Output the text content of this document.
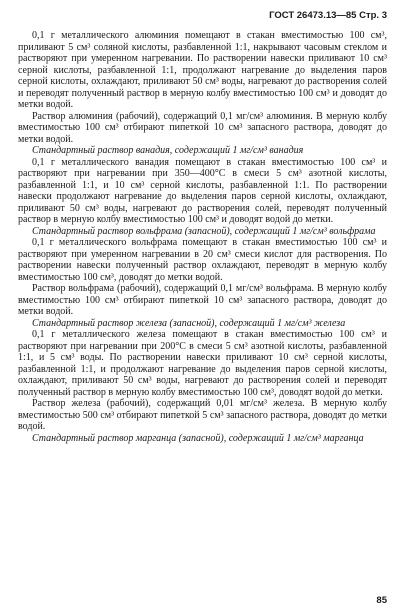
ГОСТ 26473.13—85 Стр. 3

0,1 г металлического алюминия помещают в стакан вместимостью 100 см³, приливают 5 см³ соляной кислоты, разбавленной 1:1, накрывают часовым стеклом и растворяют при умеренном нагревании. По растворении навески приливают 10 см³ серной кислоты, разбавленной 1:1, продолжают нагревание до выделения паров серной кислоты, охлаждают, приливают 50 см³ воды, нагревают до растворения солей и переводят полученный раствор в мерную колбу вместимостью 100 см³ и доводят до метки водой.

Раствор алюминия (рабочий), содержащий 0,1 мг/см³ алюминия. В мерную колбу вместимостью 100 см³ отбирают пипеткой 10 см³ запасного раствора, доводят до метки водой.

Стандартный раствор ванадия, содержащий 1 мг/см³ ванадия

0,1 г металлического ванадия помещают в стакан вместимостью 100 см³ и растворяют при нагревании при 350—400°С в смеси 5 см³ азотной кислоты, разбавленной 1:1, и 10 см³ серной кислоты, разбавленной 1:1. По растворении навески продолжают нагревание до выделения паров серной кислоты, охлаждают, приливают 50 см³ воды, нагревают до растворения солей, переводят полученный раствор в мерную колбу вместимостью 100 см³ и доводят водой до метки.

Стандартный раствор вольфрама (запасной), содержащий 1 мг/см³ вольфрама

0,1 г металлического вольфрама помещают в стакан вместимостью 100 см³ и растворяют при умеренном нагревании в 20 см³ смеси кислот для растворения. По растворении навески полученный раствор охлаждают, переводят в мерную колбу вместимостью 100 см³, доводят до метки водой.

Раствор вольфрама (рабочий), содержащий 0,1 мг/см³ вольфрама. В мерную колбу вместимостью 100 см³ отбирают пипеткой 10 см³ запасного раствора, доводят до метки водой.

Стандартный раствор железа (запасной), содержащий 1 мг/см³ железа

0,1 г металлического железа помещают в стакан вместимостью 100 см³ и растворяют при нагревании при 200°С в смеси 5 см³ азотной кислоты, разбавленной 1:1, и 5 см³ воды. По растворении навески приливают 10 см³ серной кислоты, разбавленной 1:1, и продолжают нагревание до выделения паров серной кислоты, охлаждают, приливают 50 см³ воды, нагревают до растворения солей и переводят полученный раствор в мерную колбу вместимостью 100 см³, доводят водой до метки.

Раствор железа (рабочий), содержащий 0,01 мг/см³ железа. В мерную колбу вместимостью 500 см³ отбирают пипеткой 5 см³ запасного раствора, доводят до метки водой.

Стандартный раствор марганца (запасной), содержащий 1 мг/см³ марганца

85
